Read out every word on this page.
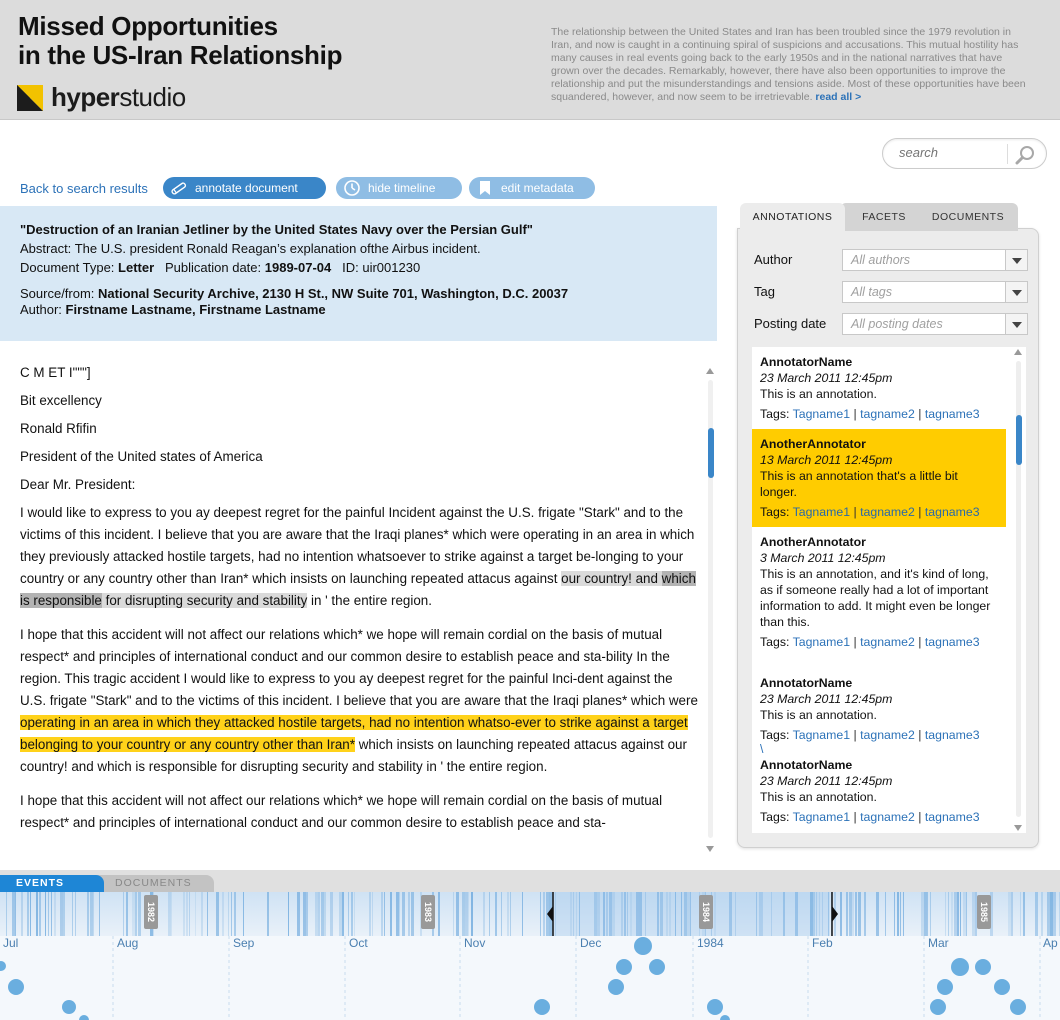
Missed Opportunities
in the US-Iran Relationship
hyperstudio
The relationship between the United States and Iran has been troubled since the 1979 revolution in Iran, and now is caught in a continuing spiral of suspicions and accusations. This mutual hostility has many causes in real events going back to the early 1950s and in the national narratives that have grown over the decades. Remarkably, however, there have also been opportunities to improve the relationship and put the misunderstandings and tensions aside. Most of these opportunities have been squandered, however, and now seem to be irretrievable. read all >
search
Back to search results	annotate document	hide timeline	edit metadata
"Destruction of an Iranian Jetliner by the United States Navy over the Persian Gulf"
Abstract: The U.S. president Ronald Reagan’s explanation ofthe Airbus incident.
Document Type: Letter Publication date: 1989-07-04 ID: uir001230
Source/from: National Security Archive, 2130 H St., NW Suite 701, Washington, D.C. 20037
Author: Firstname Lastname, Firstname Lastname

C M ET I"""]

Bit excellency

Ronald Rfifin

President of the United states of America

Dear Mr. President:

I would like to express to you ay deepest regret for the painful Incident against the U.S. frigate "Stark" and to the victims of this incident. I believe that you are aware that the Iraqi planes* which were operating in an area in which they previously attacked hostile targets, had no intention whatsoever to strike against a target be-longing to your country or any country other than Iran* which insists on launching repeated attacus against our country! and which is responsible for disrupting security and stability in ' the entire region.

I hope that this accident will not affect our relations which* we hope will remain cordial on the basis of mutual respect* and principles of international conduct and our common desire to establish peace and sta-bility In the region. This tragic accident I would like to express to you ay deepest regret for the painful Inci-dent against the U.S. frigate "Stark" and to the victims of this incident. I believe that you are aware that the Iraqi planes* which were operating in an area in which they attacked hostile targets, had no intention whatso-ever to strike against a target belonging to your country or any country other than Iran* which insists on launching repeated attacus against our country! and which is responsible for disrupting security and stability in ' the entire region.

I hope that this accident will not affect our relations which* we hope will remain cordial on the basis of mutual respect* and principles of international conduct and our common desire to establish peace and sta-

ANNOTATIONS	FACETS	DOCUMENTS
Author	All authors
Tag	All tags
Posting date	All posting dates
AnnotatorName
23 March 2011 12:45pm
This is an annotation.
Tags: Tagname1 | tagname2 | tagname3
AnotherAnnotator
13 March 2011 12:45pm
This is an annotation that's a little bit longer.
Tags: Tagname1 | tagname2 | tagname3
AnotherAnnotator
3 March 2011 12:45pm
This is an annotation, and it's kind of long, as if someone really had a lot of important information to add. It might even be longer than this.
Tags: Tagname1 | tagname2 | tagname3
AnnotatorName
23 March 2011 12:45pm
This is an annotation.
Tags: Tagname1 | tagname2 | tagname3
\
AnnotatorName
23 March 2011 12:45pm
This is an annotation.
Tags: Tagname1 | tagname2 | tagname3
DOCUMENTS
EVENTS
1982	1983	1984	1985
Jul	Aug	Sep	Oct	Nov	Dec	1984	Feb	Mar	Ap
